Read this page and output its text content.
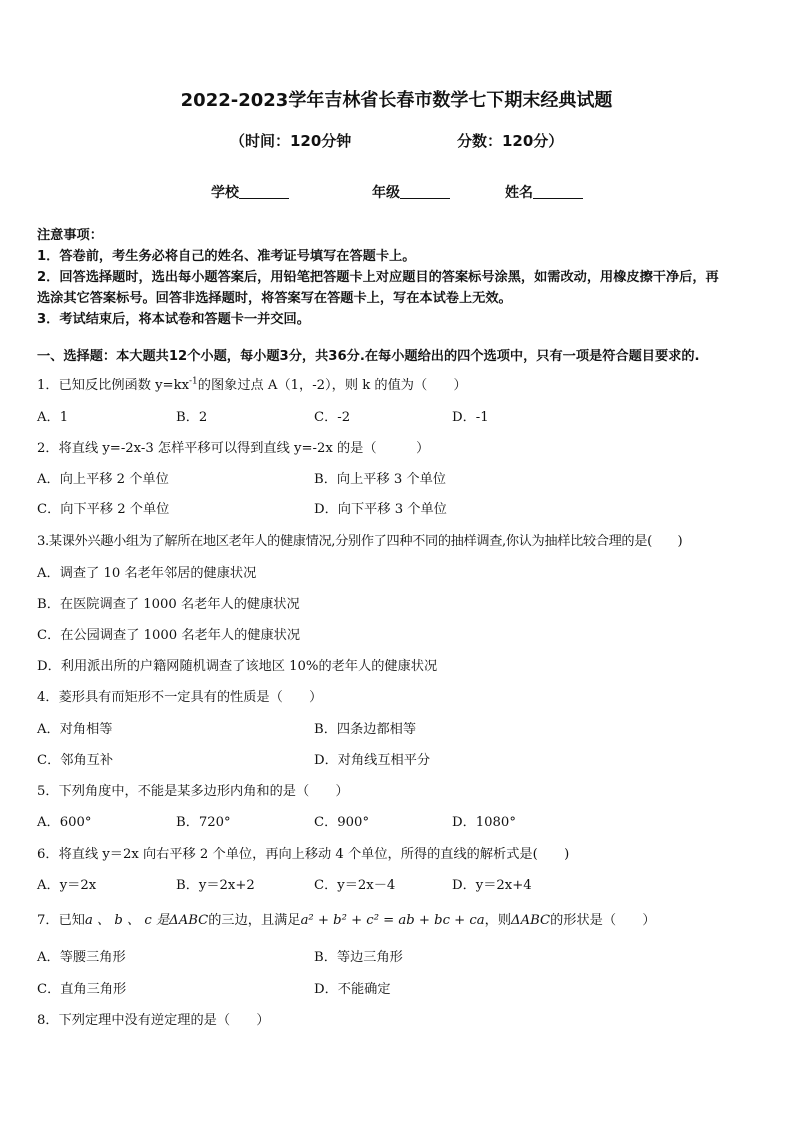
2022-2023学年吉林省长春市数学七下期末经典试题
（时间：120分钟	分数：120分）
学校	年级	姓名
注意事项：
1．答卷前，考生务必将自己的姓名、准考证号填写在答题卡上。
2．回答选择题时，选出每小题答案后，用铅笔把答题卡上对应题目的答案标号涂黑，如需改动，用橡皮擦干净后，再
选涂其它答案标号。回答非选择题时，将答案写在答题卡上，写在本试卷上无效。
3．考试结束后，将本试卷和答题卡一并交回。
一、选择题：本大题共12个小题，每小题3分，共36分.在每小题给出的四个选项中，只有一项是符合题目要求的.
1．已知反比例函数 $y=kx^{-1}$的图象过点 A（1，-2），则 k 的值为（　　）
A．1	B．2	C．-2	D．-1
2．将直线 y=-2x-3 怎样平移可以得到直线 y=-2x 的是（　　　）
A．向上平移 2 个单位	B．向上平移 3 个单位
C．向下平移 2 个单位	D．向下平移 3 个单位
3.某课外兴趣小组为了解所在地区老年人的健康情况,分别作了四种不同的抽样调查,你认为抽样比较合理的是(　　)
A．调查了 10 名老年邻居的健康状况
B．在医院调查了 1000 名老年人的健康状况
C．在公园调查了 1000 名老年人的健康状况
D．利用派出所的户籍网随机调查了该地区 10%的老年人的健康状况
4．菱形具有而矩形不一定具有的性质是（　　）
A．对角相等	B．四条边都相等
C．邻角互补	D．对角线互相平分
5．下列角度中，不能是某多边形内角和的是（　　）
A．600°	B．720°	C．900°	D．1080°
6．将直线 y＝2x 向右平移 2 个单位，再向上移动 4 个单位，所得的直线的解析式是(　　)
A．y＝2x	B．y＝2x+2	C．y＝2x－4	D．y＝2x+4
7．已知a 、 b 、 c 是ΔABC的三边，且满足a² + b² + c² = ab + bc + ca，则ΔABC的形状是（　　）
A．等腰三角形	B．等边三角形
C．直角三角形	D．不能确定
8．下列定理中没有逆定理的是（　　）
